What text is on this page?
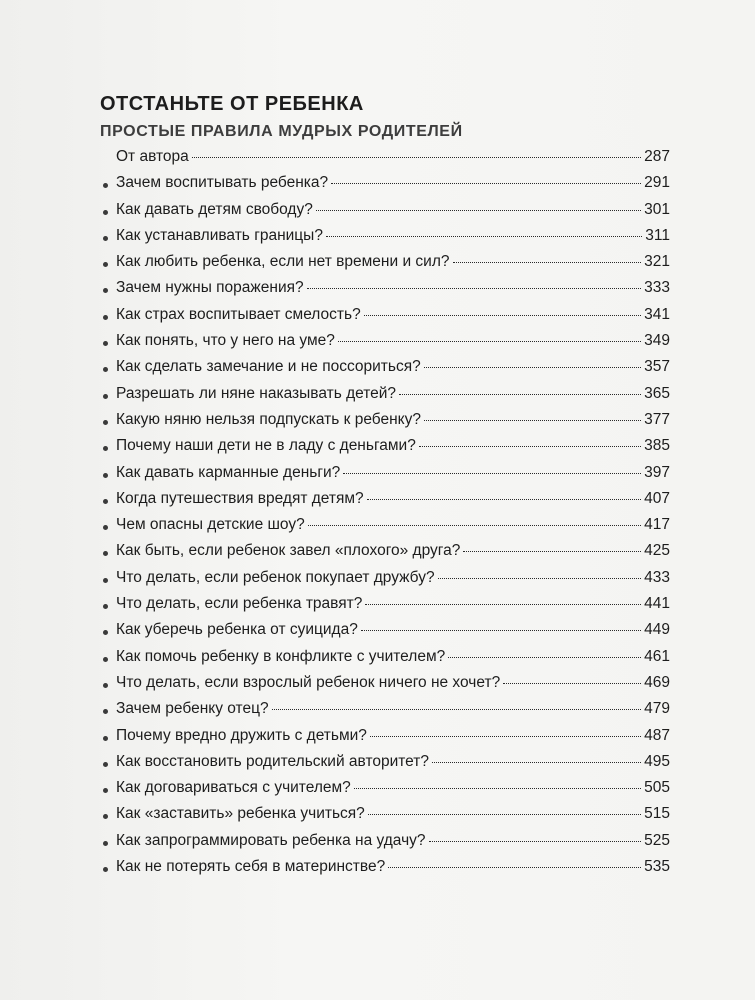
ОТСТАНЬТЕ ОТ РЕБЕНКА
ПРОСТЫЕ ПРАВИЛА МУДРЫХ РОДИТЕЛЕЙ
От автора	287
Зачем воспитывать ребенка?	291
Как давать детям свободу?	301
Как устанавливать границы?	311
Как любить ребенка, если нет времени и сил?	321
Зачем нужны поражения?	333
Как страх воспитывает смелость?	341
Как понять, что у него на уме?	349
Как сделать замечание и не поссориться?	357
Разрешать ли няне наказывать детей?	365
Какую няню нельзя подпускать к ребенку?	377
Почему наши дети не в ладу с деньгами?	385
Как давать карманные деньги?	397
Когда путешествия вредят детям?	407
Чем опасны детские шоу?	417
Как быть, если ребенок завел «плохого» друга?	425
Что делать, если ребенок покупает дружбу?	433
Что делать, если ребенка травят?	441
Как уберечь ребенка от суицида?	449
Как помочь ребенку в конфликте с учителем?	461
Что делать, если взрослый ребенок ничего не хочет?	469
Зачем ребенку отец?	479
Почему вредно дружить с детьми?	487
Как восстановить родительский авторитет?	495
Как договариваться с учителем?	505
Как «заставить» ребенка учиться?	515
Как запрограммировать ребенка на удачу?	525
Как не потерять себя в материнстве?	535
